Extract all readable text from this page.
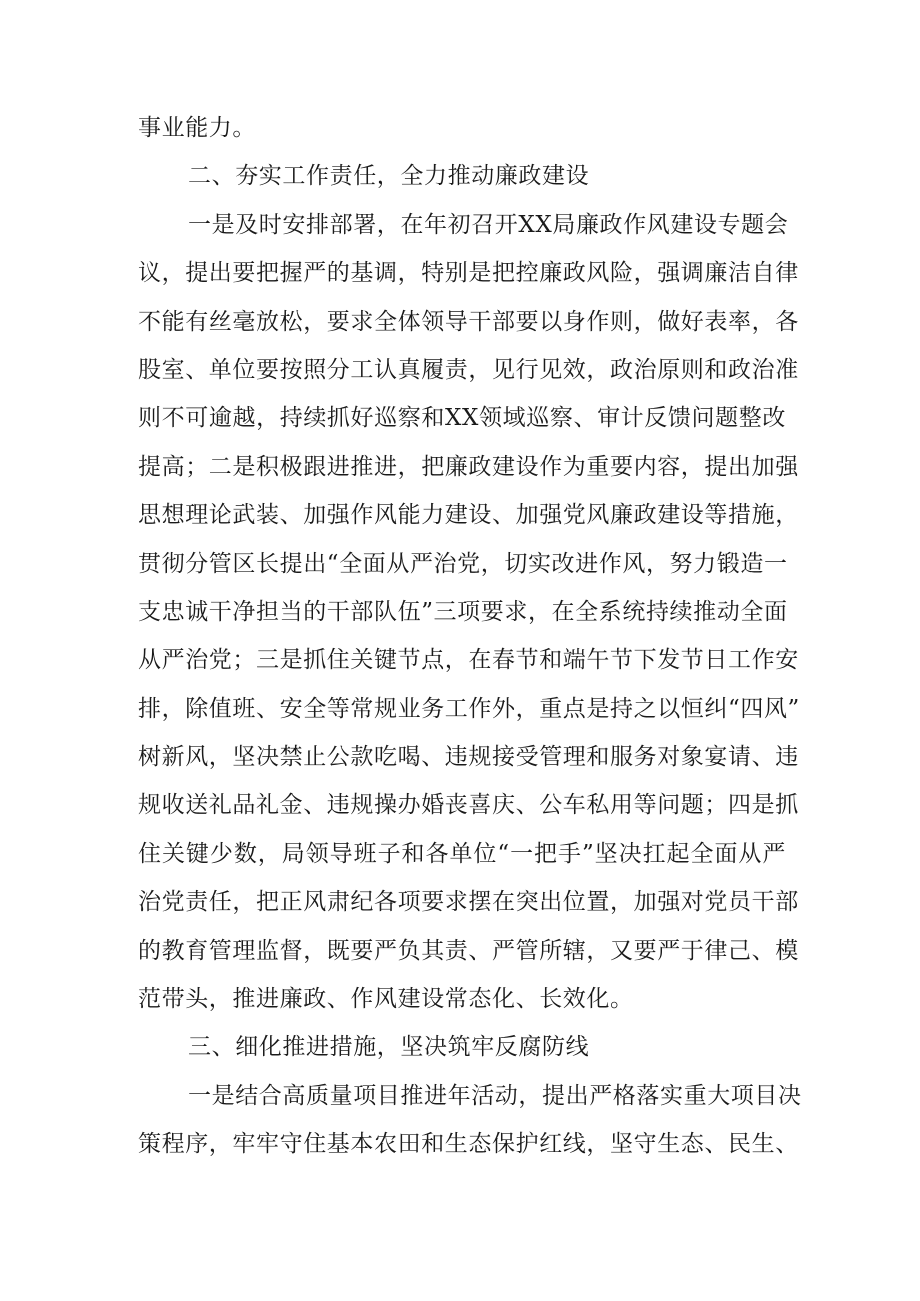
事业能力。
二、夯实工作责任，全力推动廉政建设
一是及时安排部署，在年初召开XX局廉政作风建设专题会
议，提出要把握严的基调，特别是把控廉政风险，强调廉洁自律
不能有丝毫放松，要求全体领导干部要以身作则，做好表率，各
股室、单位要按照分工认真履责，见行见效，政治原则和政治准
则不可逾越，持续抓好巡察和XX领域巡察、审计反馈问题整改
提高；二是积极跟进推进，把廉政建设作为重要内容，提出加强
思想理论武装、加强作风能力建设、加强党风廉政建设等措施，
贯彻分管区长提出“全面从严治党，切实改进作风，努力锻造一
支忠诚干净担当的干部队伍”三项要求，在全系统持续推动全面
从严治党；三是抓住关键节点，在春节和端午节下发节日工作安
排，除值班、安全等常规业务工作外，重点是持之以恒纠“四风”
树新风，坚决禁止公款吃喝、违规接受管理和服务对象宴请、违
规收送礼品礼金、违规操办婚丧喜庆、公车私用等问题；四是抓
住关键少数，局领导班子和各单位“一把手”坚决扛起全面从严
治党责任，把正风肃纪各项要求摆在突出位置，加强对党员干部
的教育管理监督，既要严负其责、严管所辖，又要严于律己、模
范带头，推进廉政、作风建设常态化、长效化。
三、细化推进措施，坚决筑牢反腐防线
一是结合高质量项目推进年活动，提出严格落实重大项目决
策程序，牢牢守住基本农田和生态保护红线，坚守生态、民生、
